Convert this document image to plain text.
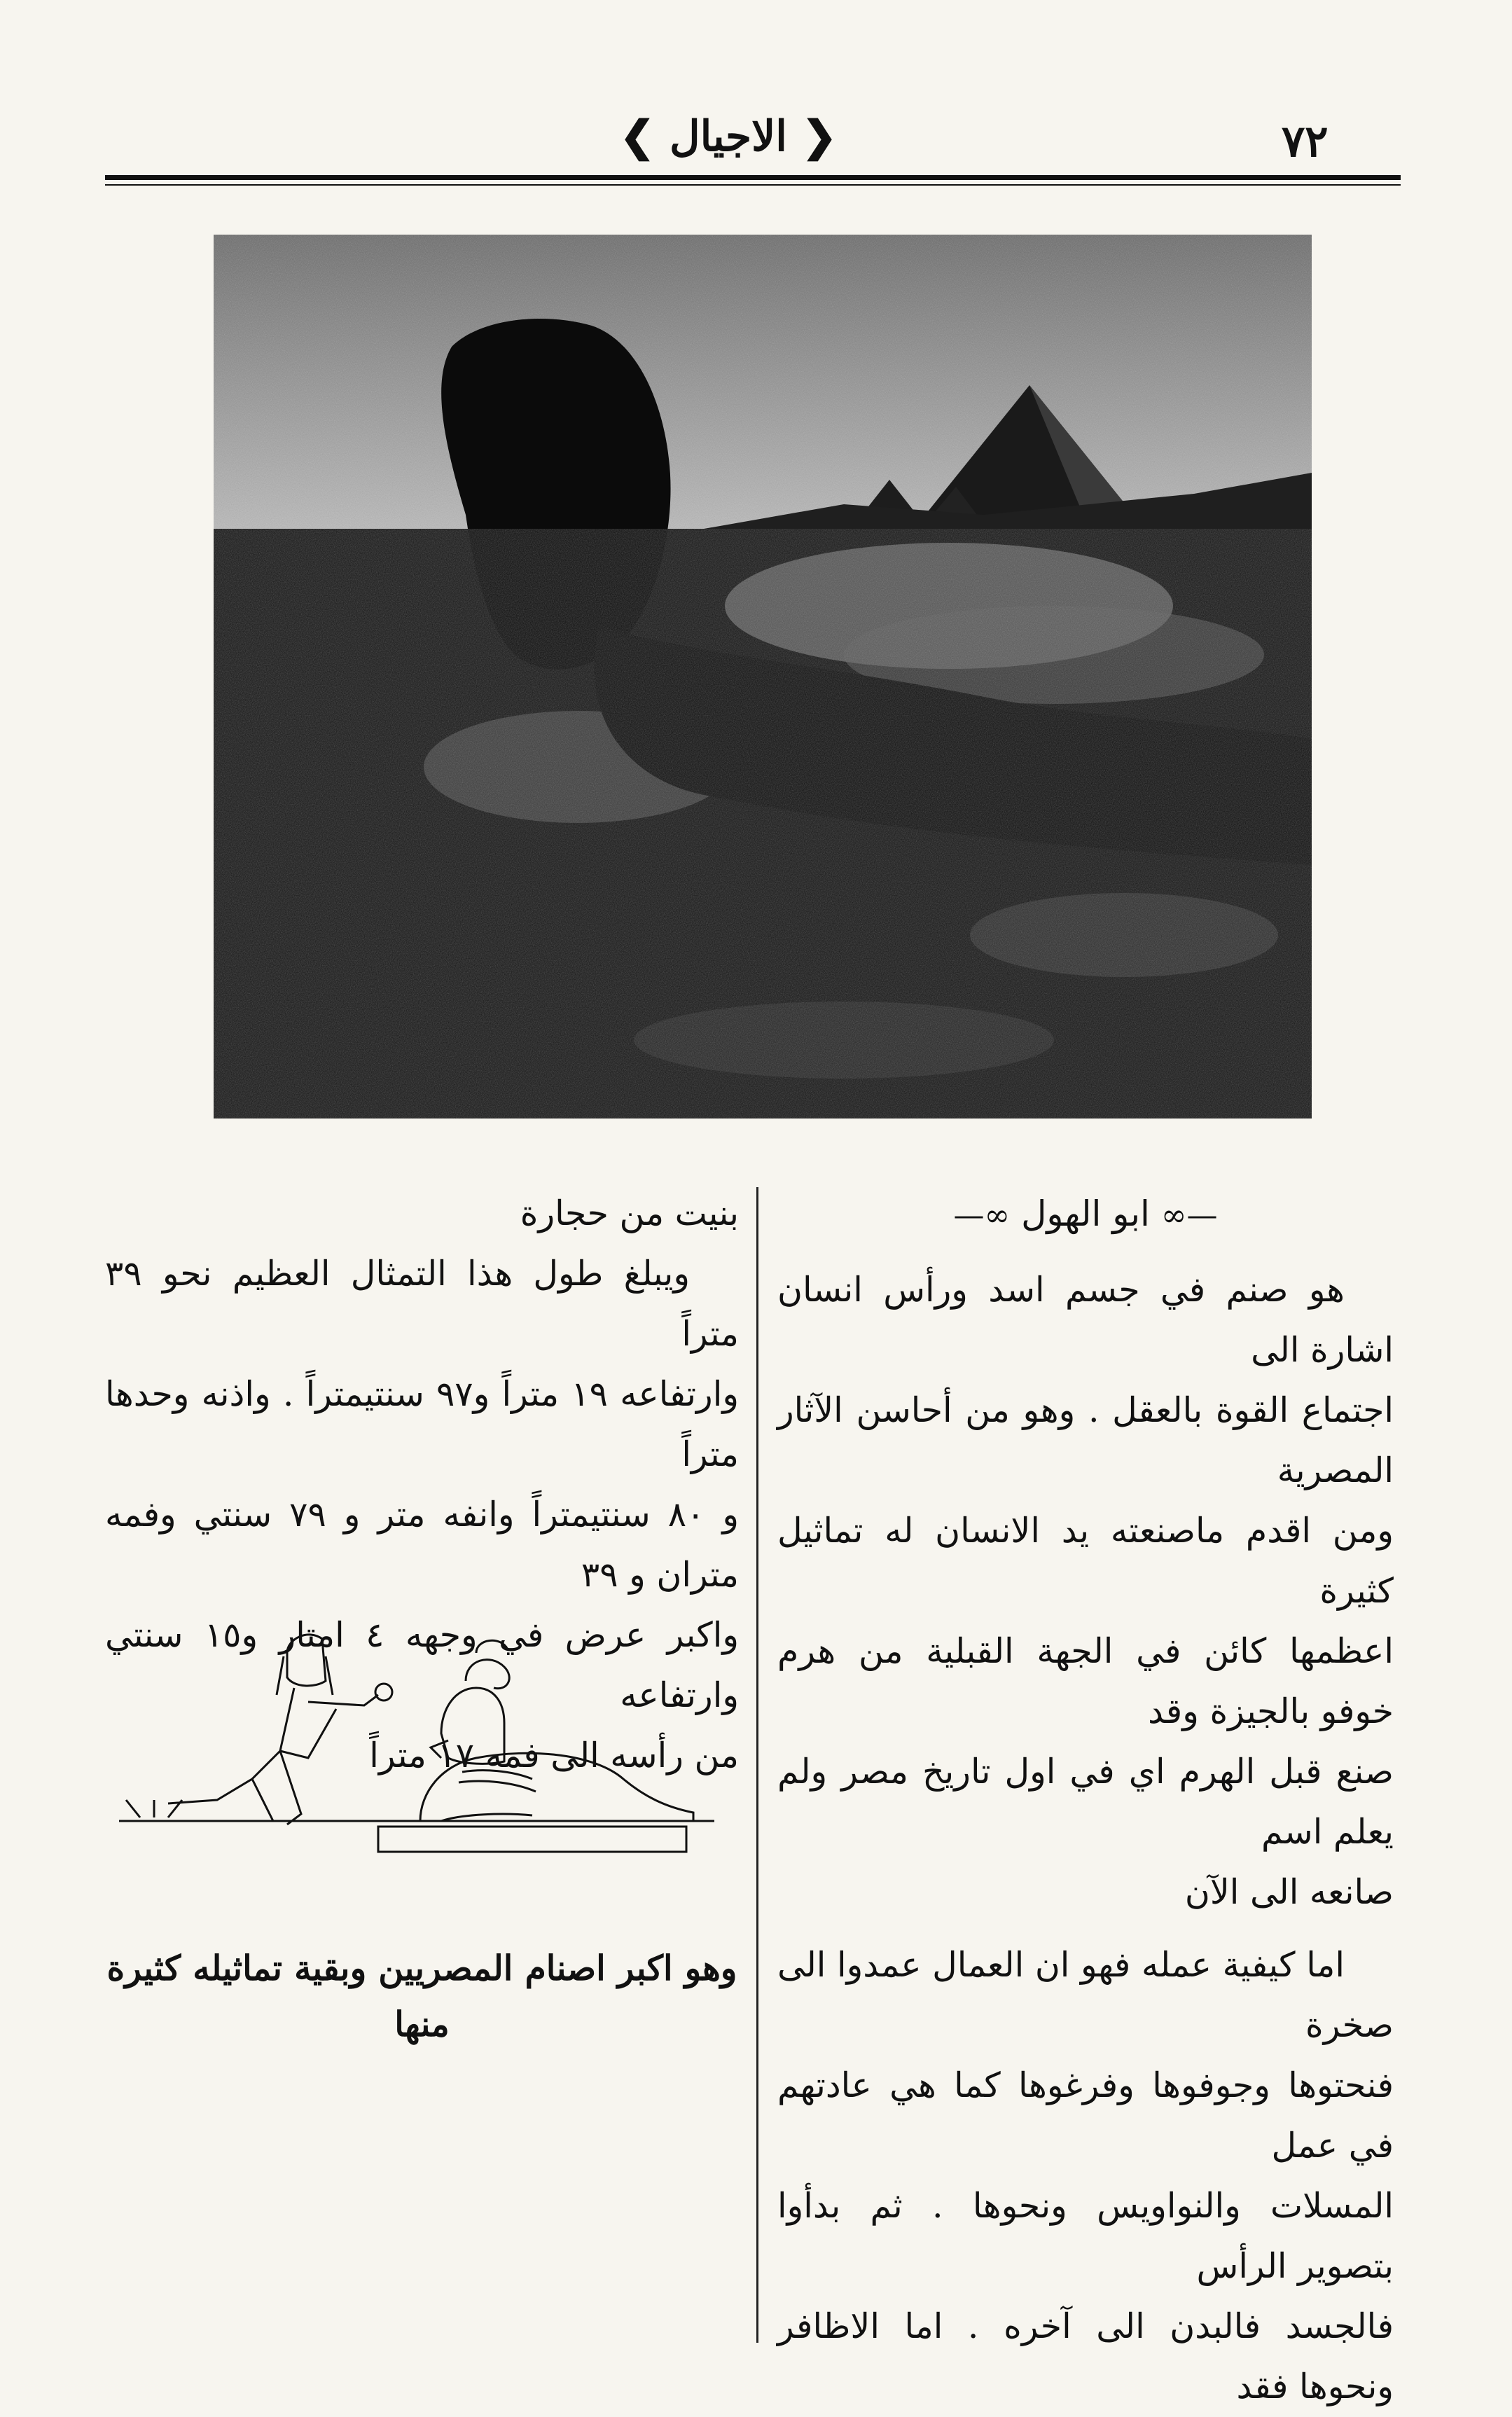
٧٢
❮ الاجيال ❯
—∞ ابو الهول ∞—

هو صنم في جسم اسد ورأس انسان اشارة الى
اجتماع القوة بالعقل . وهو من أحاسن الآثار المصرية
ومن اقدم ماصنعته يد الانسان له تماثيل كثيرة
اعظمها كائن في الجهة القبلية من هرم خوفو بالجيزة وقد
صنع قبل الهرم اي في اول تاريخ مصر ولم يعلم اسم
صانعه الى الآن

اما كيفية عمله فهو ان العمال عمدوا الى صخرة
فنحتوها وجوفوها وفرغوها كما هي عادتهم في عمل
المسلات والنواويس ونحوها . ثم بدأوا بتصوير الرأس
فالجسد فالبدن الى آخره . اما الاظافر ونحوها فقد

بنيت من حجارة

ويبلغ طول هذا التمثال العظيم نحو ٣٩ متراً
وارتفاعه ١٩ متراً و٩٧ سنتيمتراً . واذنه وحدها متراً
و ٨٠ سنتيمتراً وانفه متر و ٧٩ سنتي وفمه متران و ٣٩
واكبر عرض في وجهه ٤ امتار و١٥ سنتي وارتفاعه
من رأسه الى فمه ١٧ متراً

وهو اكبر اصنام المصريين وبقية تماثيله كثيرة منها
